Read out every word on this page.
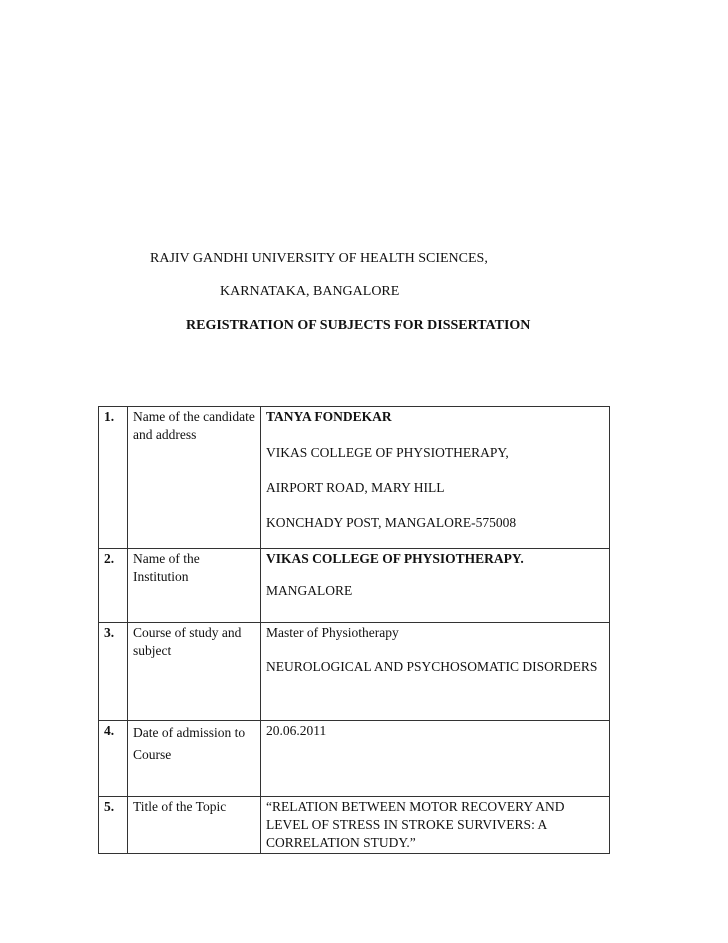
RAJIV GANDHI UNIVERSITY OF HEALTH SCIENCES,
KARNATAKA, BANGALORE
REGISTRATION OF SUBJECTS FOR DISSERTATION
1.	Name of the candidate and address	TANYA FONDEKAR

VIKAS COLLEGE OF PHYSIOTHERAPY,

AIRPORT ROAD, MARY HILL

KONCHADY POST, MANGALORE-575008

2.	Name of the Institution	VIKAS COLLEGE OF PHYSIOTHERAPY.

MANGALORE

3.	Course of study and subject	Master of Physiotherapy

NEUROLOGICAL AND PSYCHOSOMATIC DISORDERS

4.	Date of admission to Course	20.06.2011

5.	Title of the Topic	“RELATION BETWEEN MOTOR RECOVERY AND LEVEL OF STRESS IN STROKE SURVIVERS: A CORRELATION STUDY.”
